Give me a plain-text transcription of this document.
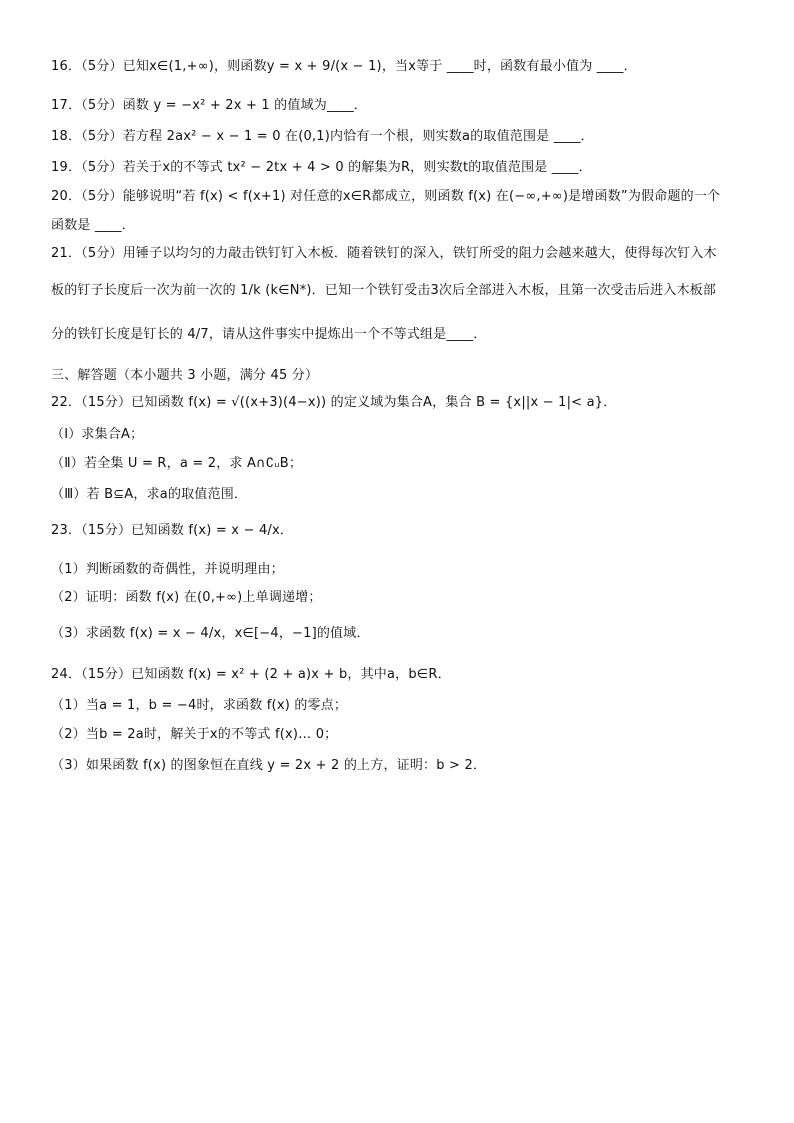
16．（5分）已知x∈(1,+∞)，则函数y = x + 9/(x − 1)，当x等于 ____时，函数有最小值为 ____．
17．（5分）函数 y = −x² + 2x + 1 的值域为____．
18．（5分）若方程 2ax² − x − 1 = 0 在(0,1)内恰有一个根，则实数a的取值范围是 ____．
19．（5分）若关于x的不等式 tx² − 2tx + 4 > 0 的解集为R，则实数t的取值范围是 ____．
20．（5分）能够说明“若 f(x) < f(x+1) 对任意的x∈R都成立，则函数 f(x) 在(−∞,+∞)是增函数”为假命题的一个
函数是 ____．
21．（5分）用锤子以均匀的力敲击铁钉钉入木板．随着铁钉的深入，铁钉所受的阻力会越来越大，使得每次钉入木
板的钉子长度后一次为前一次的 1/k (k∈N*)．已知一个铁钉受击3次后全部进入木板，且第一次受击后进入木板部
分的铁钉长度是钉长的 4/7，请从这件事实中提炼出一个不等式组是____．
三、解答题（本小题共 3 小题，满分 45 分）
22．（15分）已知函数 f(x) = √((x+3)(4−x)) 的定义域为集合A，集合 B = {x||x − 1|< a}．
（Ⅰ）求集合A；
（Ⅱ）若全集 U = R，a = 2，求 A∩∁ᵤB；
（Ⅲ）若 B⊆A，求a的取值范围．
23．（15分）已知函数 f(x) = x − 4/x．
（1）判断函数的奇偶性，并说明理由；
（2）证明：函数 f(x) 在(0,+∞)上单调递增；
（3）求函数 f(x) = x − 4/x，x∈[−4，−1]的值域．
24．（15分）已知函数 f(x) = x² + (2 + a)x + b，其中a，b∈R．
（1）当a = 1，b = −4时，求函数 f(x) 的零点；
（2）当b = 2a时，解关于x的不等式 f(x)… 0；
（3）如果函数 f(x) 的图象恒在直线 y = 2x + 2 的上方，证明：b > 2．
